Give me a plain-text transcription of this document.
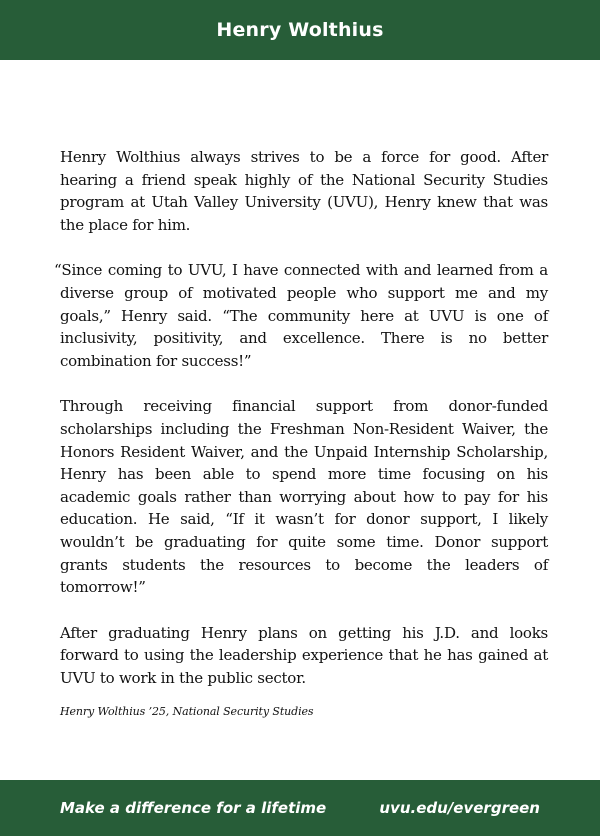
Henry Wolthius

Henry Wolthius always strives to be a force for good. After hearing a friend speak highly of the National Security Studies program at Utah Valley University (UVU), Henry knew that was the place for him.

“Since coming to UVU, I have connected with and learned from a diverse group of motivated people who support me and my goals,” Henry said. “The community here at UVU is one of inclusivity, positivity, and excellence. There is no better combination for success!”

Through receiving financial support from donor-funded scholarships including the Freshman Non-Resident Waiver, the Honors Resident Waiver, and the Unpaid Internship Scholarship, Henry has been able to spend more time focusing on his academic goals rather than worrying about how to pay for his education. He said, “If it wasn’t for donor support, I likely wouldn’t be graduating for quite some time. Donor support grants students the resources to become the leaders of tomorrow!”

After graduating Henry plans on getting his J.D. and looks forward to using the leadership experience that he has gained at UVU to work in the public sector.

Henry Wolthius ’25, National Security Studies
Make a difference for a lifetime	uvu.edu/evergreen
